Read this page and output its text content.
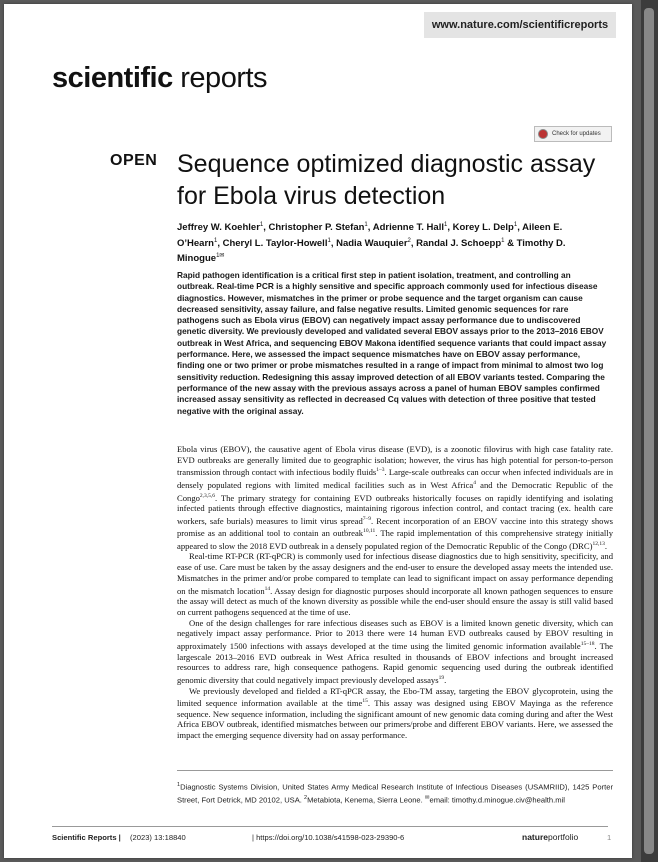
www.nature.com/scientificreports
scientific reports
Check for updates
OPEN Sequence optimized diagnostic assay for Ebola virus detection
Jeffrey W. Koehler$^1$, Christopher P. Stefan$^1$, Adrienne T. Hall$^1$, Korey L. Delp$^1$, Aileen E. O’Hearn$^1$, Cheryl L. Taylor-Howell$^1$, Nadia Wauquier$^2$, Randal J. Schoepp$^1$ & Timothy D. Minogue$^{1✉}$
Rapid pathogen identification is a critical first step in patient isolation, treatment, and controlling an outbreak. Real-time PCR is a highly sensitive and specific approach commonly used for infectious disease diagnostics. However, mismatches in the primer or probe sequence and the target organism can cause decreased sensitivity, assay failure, and false negative results. Limited genomic sequences for rare pathogens such as Ebola virus (EBOV) can negatively impact assay performance due to undiscovered genetic diversity. We previously developed and validated several EBOV assays prior to the 2013–2016 EBOV outbreak in West Africa, and sequencing EBOV Makona identified sequence variants that could impact assay performance. Here, we assessed the impact sequence mismatches have on EBOV assay performance, finding one or two primer or probe mismatches resulted in a range of impact from minimal to almost two log sensitivity reduction. Redesigning this assay improved detection of all EBOV variants tested. Comparing the performance of the new assay with the previous assays across a panel of human EBOV samples confirmed increased assay sensitivity as reflected in decreased Cq values with detection of three positive that tested negative with the original assay.

Ebola virus (EBOV), the causative agent of Ebola virus disease (EVD), is a zoonotic filovirus with high case fatality rate. EVD outbreaks are generally limited due to geographic isolation; however, the virus has high potential for person-to-person transmission through contact with infectious bodily fluids$^{1-3}$. Large-scale outbreaks can occur when infected individuals are in densely populated regions with limited medical facilities such as in West Africa$^4$ and the Democratic Republic of the Congo$^{2,3,5,6}$. The primary strategy for containing EVD outbreaks historically focuses on rapidly identifying and isolating infected patients through effective diagnostics, maintaining rigorous infection control, and contact tracing (ex. health care workers, safe burials) measures to limit virus spread$^{7-9}$. Recent incorporation of an EBOV vaccine into this strategy shows promise as an additional tool to contain an outbreak$^{10,11}$. The rapid implementation of this comprehensive strategy initially appeared to slow the 2018 EVD outbreak in a densely populated region of the Democratic Republic of the Congo (DRC)$^{12,13}$.

Real-time RT-PCR (RT-qPCR) is commonly used for infectious disease diagnostics due to high sensitivity, specificity, and ease of use. Care must be taken by the assay designers and the end-user to ensure the developed assay meets the intended use. Mismatches in the primer and/or probe compared to template can lead to significant impact on assay performance depending on the mismatch location$^{14}$. Assay design for diagnostic purposes should incorporate all known pathogen sequences to ensure the assay will detect as much of the known diversity as possible while the end-user should ensure the assay is still valid based on current pathogens sequenced at the time of use.

One of the design challenges for rare infectious diseases such as EBOV is a limited known genetic diversity, which can negatively impact assay performance. Prior to 2013 there were 14 human EVD outbreaks caused by EBOV resulting in approximately 1500 infections with assays developed at the time using the limited genomic information available$^{15-18}$. The largescale 2013–2016 EVD outbreak in West Africa resulted in thousands of EBOV infections and brought increased resources to address rare, high consequence pathogens. Rapid genomic sequencing used during the outbreak identified genomic diversity that could negatively impact previously developed assays$^{19}$.

We previously developed and fielded a RT-qPCR assay, the Ebo-TM assay, targeting the EBOV glycoprotein, using the limited sequence information available at the time$^{15}$. This assay was designed using EBOV Mayinga as the reference sequence. New sequence information, including the significant amount of new genomic data coming during and after the West Africa EBOV outbreak, identified mismatches between our primers/probe and different EBOV variants. Here, we assessed the impact the emerging sequence diversity had on assay performance.

$^1$Diagnostic Systems Division, United States Army Medical Research Institute of Infectious Diseases (USAMRIID), 1425 Porter Street, Fort Detrick, MD 20102, USA. $^2$Metabiota, Kenema, Sierra Leone. ✉email: timothy.d.minogue.civ@health.mil
Scientific Reports | (2023) 13:18840	| https://doi.org/10.1038/s41598-023-29390-6	natureportfolio	1
